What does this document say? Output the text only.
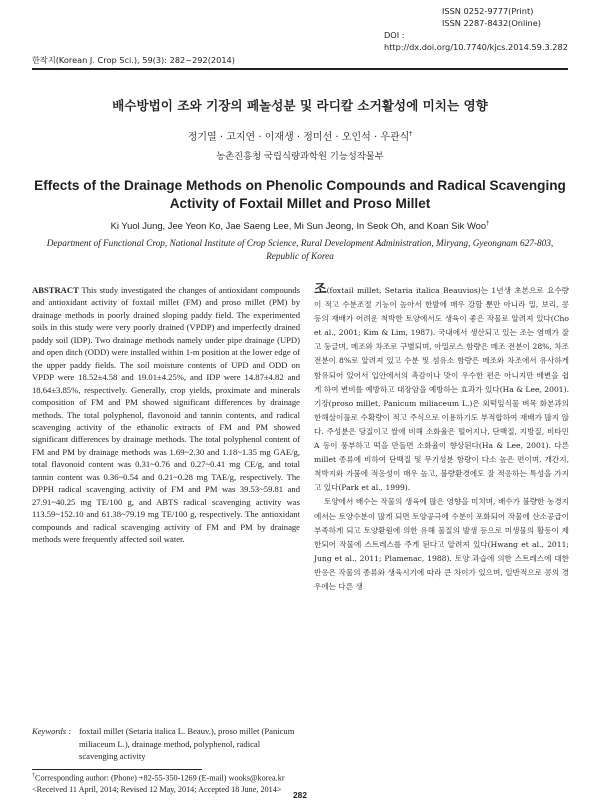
한작지(Korean J. Crop Sci.), 59(3): 282~292(2014)
ISSN 0252-9777(Print)
ISSN 2287-8432(Online)
DOI : http://dx.doi.org/10.7740/kjcs.2014.59.3.282
배수방법이 조와 기장의 페놀성분 및 라디칼 소거활성에 미치는 영향
정기열 · 고지연 · 이재생 · 정미선 · 오인석 · 우관식†
농촌진흥청 국립식량과학원 기능성작물부
Effects of the Drainage Methods on Phenolic Compounds and Radical Scavenging Activity of Foxtail Millet and Proso Millet
Ki Yuol Jung, Jee Yeon Ko, Jae Saeng Lee, Mi Sun Jeong, In Seok Oh, and Koan Sik Woo†
Department of Functional Crop, National Institute of Crop Science, Rural Development Administration, Miryang, Gyeongnam 627-803, Republic of Korea
ABSTRACT This study investigated the changes of antioxidant compounds and antioxidant activity of foxtail millet (FM) and proso millet (PM) by drainage methods in poorly drained sloping paddy field. The experimented soils in this study were very poorly drained (VPDP) and imperfectly drained paddy soil (IDP). Two drainage methods namely under pipe drainage (UPD) and open ditch (ODD) were installed within 1-m position at the lower edge of the upper paddy fields. The soil moisture contents of UPD and ODD on VPDP were 18.52±4.58 and 19.01±4.25%, and IDP were 14.87±4.82 and 18.64±3.85%, respectively. Generally, crop yields, proximate and minerals composition of FM and PM showed significant differences by drainage methods. The total polyphenol, flavonoid and tannin contents, and radical scavenging activity of the ethanolic extracts of FM and PM showed significant differences by drainage methods. The total polyphenol content of FM and PM by drainage methods was 1.69~2.30 and 1.18~1.35 mg GAE/g, total flavonoid content was 0.31~0.76 and 0.27~0.41 mg CE/g, and total tannin content was 0.36~0.54 and 0.21~0.28 mg TAE/g, respectively. The DPPH radical scavenging activity of FM and PM was 39.53~59.81 and 27.91~40.25 mg TE/100 g, and ABTS radical scavenging activity was 113.59~152.10 and 61.38~79.19 mg TE/100 g, respectively. The antioxidant compounds and radical scavenging activity of FM and PM by drainage methods were frequently affected soil water.
Keywords : foxtail millet (Setaria italica L. Beauv.), proso millet (Panicum miliaceum L.), drainage method, polyphenol, radical scavenging activity

조(foxtail millet, Setaria italica Beauvios)는 1년생 초본으로 요수량이 적고 수분조절 기능이 높아서 한발에 매우 강할 뿐만 아니라 밀, 보리, 콩 등의 재배가 어려운 척박한 토양에서도 생육이 좋은 작물로 알려져 있다(Cho et al., 2001; Kim & Lim, 1987). 국내에서 생산되고 있는 조는 염매가 잘고 둥글며, 메조와 차조로 구별되며, 아밀로스 함량은 메조 전분이 28%, 차조 전분이 8%로 알려져 있고 수분 및 섬유소 함량은 메조와 차조에서 유사하게 함유되어 있어서 입안에서의 촉감이나 맛이 우수한 편은 아니지만 배변을 쉽게 하여 변비를 예방하고 대장암을 예방하는 효과가 있다(Ha & Lee, 2001). 기장(proso millet, Panicum miliaceum L.)은 외떡잎식물 벼목 화본과의 한해살이풀로 수확량이 적고 주식으로 이용하기도 부적합하여 재배가 많지 않다. 주성분은 당질이고 쌀에 비해 소화율은 떨어지나, 단백질, 지방질, 비타민 A 등이 풍부하고 떡을 만들면 소화율이 향상된다(Ha & Lee, 2001). 다른 millet 종류에 비하여 단백질 및 무기성분 함량이 다소 높은 편이며, 개간지, 척박지와 가뭄에 적응성이 매우 높고, 불량환경에도 잘 적응하는 특성을 가지고 있다(Park et al., 1999).

토양에서 배수는 작물의 생육에 많은 영향을 미치며, 배수가 불량한 농경지에서는 토양수분이 많게 되면 토양공극에 수분이 포화되어 작물에 산소공급이 부족하게 되고 토양환원에 의한 유해 물질의 발생 등으로 미생물의 활동이 제한되어 작물에 스트레스를 주게 된다고 알려져 있다(Hwang et al., 2011; Jung et al., 2011; Plamenac, 1988). 토양 과습에 의한 스트레스에 대한 반응은 작물의 종류와 생육시기에 따라 큰 차이가 있으며, 일반적으로 콩의 경우에는 다른 생

†Corresponding author: (Phone) +82-55-350-1269 (E-mail) wooks@korea.kr
<Received 11 April, 2014; Revised 12 May, 2014; Accepted 18 June, 2014>
282
